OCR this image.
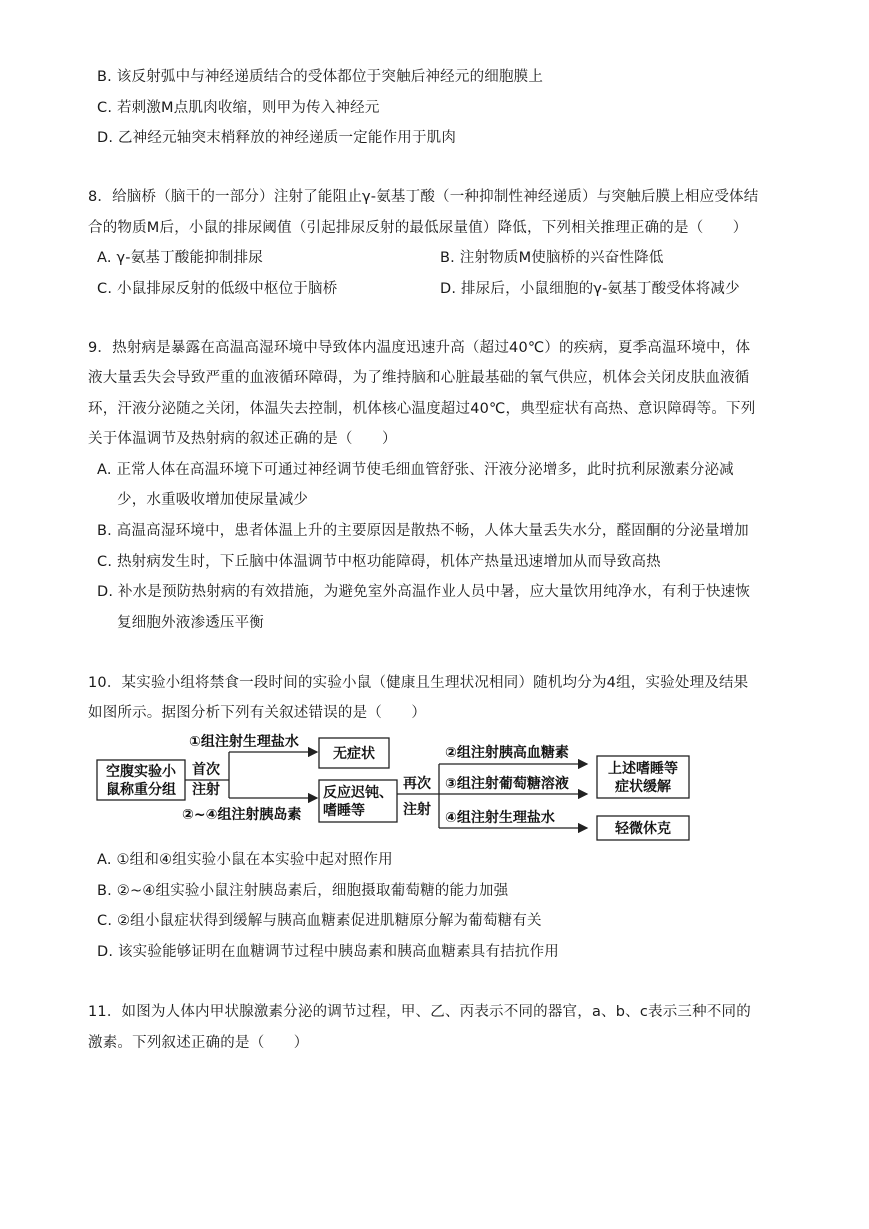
B. 该反射弧中与神经递质结合的受体都位于突触后神经元的细胞膜上
C. 若刺激M点肌肉收缩，则甲为传入神经元
D. 乙神经元轴突末梢释放的神经递质一定能作用于肌肉
8．给脑桥（脑干的一部分）注射了能阻止γ-氨基丁酸（一种抑制性神经递质）与突触后膜上相应受体结
合的物质M后，小鼠的排尿阈值（引起排尿反射的最低尿量值）降低，下列相关推理正确的是（　　）
A. γ-氨基丁酸能抑制排尿	B. 注射物质M使脑桥的兴奋性降低
C. 小鼠排尿反射的低级中枢位于脑桥	D. 排尿后，小鼠细胞的γ-氨基丁酸受体将减少
9．热射病是暴露在高温高湿环境中导致体内温度迅速升高（超过40℃）的疾病，夏季高温环境中，体
液大量丢失会导致严重的血液循环障碍，为了维持脑和心脏最基础的氧气供应，机体会关闭皮肤血液循
环，汗液分泌随之关闭，体温失去控制，机体核心温度超过40℃，典型症状有高热、意识障碍等。下列
关于体温调节及热射病的叙述正确的是（　　）
A. 正常人体在高温环境下可通过神经调节使毛细血管舒张、汗液分泌增多，此时抗利尿激素分泌减
少，水重吸收增加使尿量减少
B. 高温高湿环境中，患者体温上升的主要原因是散热不畅，人体大量丢失水分，醛固酮的分泌量增加
C. 热射病发生时，下丘脑中体温调节中枢功能障碍，机体产热量迅速增加从而导致高热
D. 补水是预防热射病的有效措施，为避免室外高温作业人员中暑，应大量饮用纯净水，有利于快速恢
复细胞外液渗透压平衡
10．某实验小组将禁食一段时间的实验小鼠（健康且生理状况相同）随机均分为4组，实验处理及结果
如图所示。据图分析下列有关叙述错误的是（　　）
空腹实验小
鼠称重分组
首次
注射
①组注射生理盐水
②~④组注射胰岛素
无症状
反应迟钝、
嗜睡等
再次
注射
②组注射胰高血糖素
③组注射葡萄糖溶液
④组注射生理盐水
上述嗜睡等
症状缓解
轻微休克
A. ①组和④组实验小鼠在本实验中起对照作用
B. ②~④组实验小鼠注射胰岛素后，细胞摄取葡萄糖的能力加强
C. ②组小鼠症状得到缓解与胰高血糖素促进肌糖原分解为葡萄糖有关
D. 该实验能够证明在血糖调节过程中胰岛素和胰高血糖素具有拮抗作用
11．如图为人体内甲状腺激素分泌的调节过程，甲、乙、丙表示不同的器官，a、b、c表示三种不同的
激素。下列叙述正确的是（　　）
